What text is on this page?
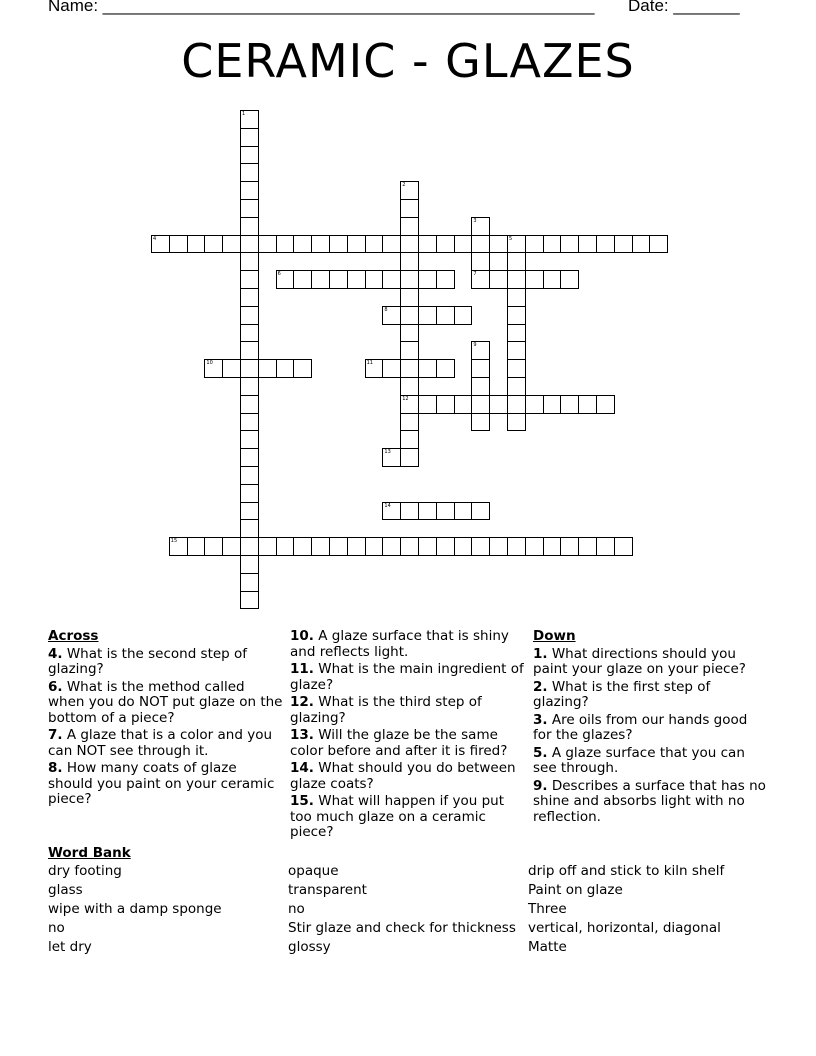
Name: ____________________________________________________ Date: _______
CERAMIC - GLAZES
1
2
12
3
4	5
6	7
8
9
10	11
13
14
15
Across
4. What is the second step of glazing?
6. What is the method called when you do NOT put glaze on the bottom of a piece?
7. A glaze that is a color and you can NOT see through it.
8. How many coats of glaze should you paint on your ceramic piece?
10. A glaze surface that is shiny and reflects light.
11. What is the main ingredient of glaze?
12. What is the third step of glazing?
13. Will the glaze be the same color before and after it is fired?
14. What should you do between glaze coats?
15. What will happen if you put too much glaze on a ceramic piece?
Down
1. What directions should you paint your glaze on your piece?
2. What is the first step of glazing?
3. Are oils from our hands good for the glazes?
5. A glaze surface that you can see through.
9. Describes a surface that has no shine and absorbs light with no reflection.
Word Bank
dry footing
glass
wipe with a damp sponge
no
let dry
opaque
transparent
no
Stir glaze and check for thickness
glossy
drip off and stick to kiln shelf
Paint on glaze
Three
vertical, horizontal, diagonal
Matte
